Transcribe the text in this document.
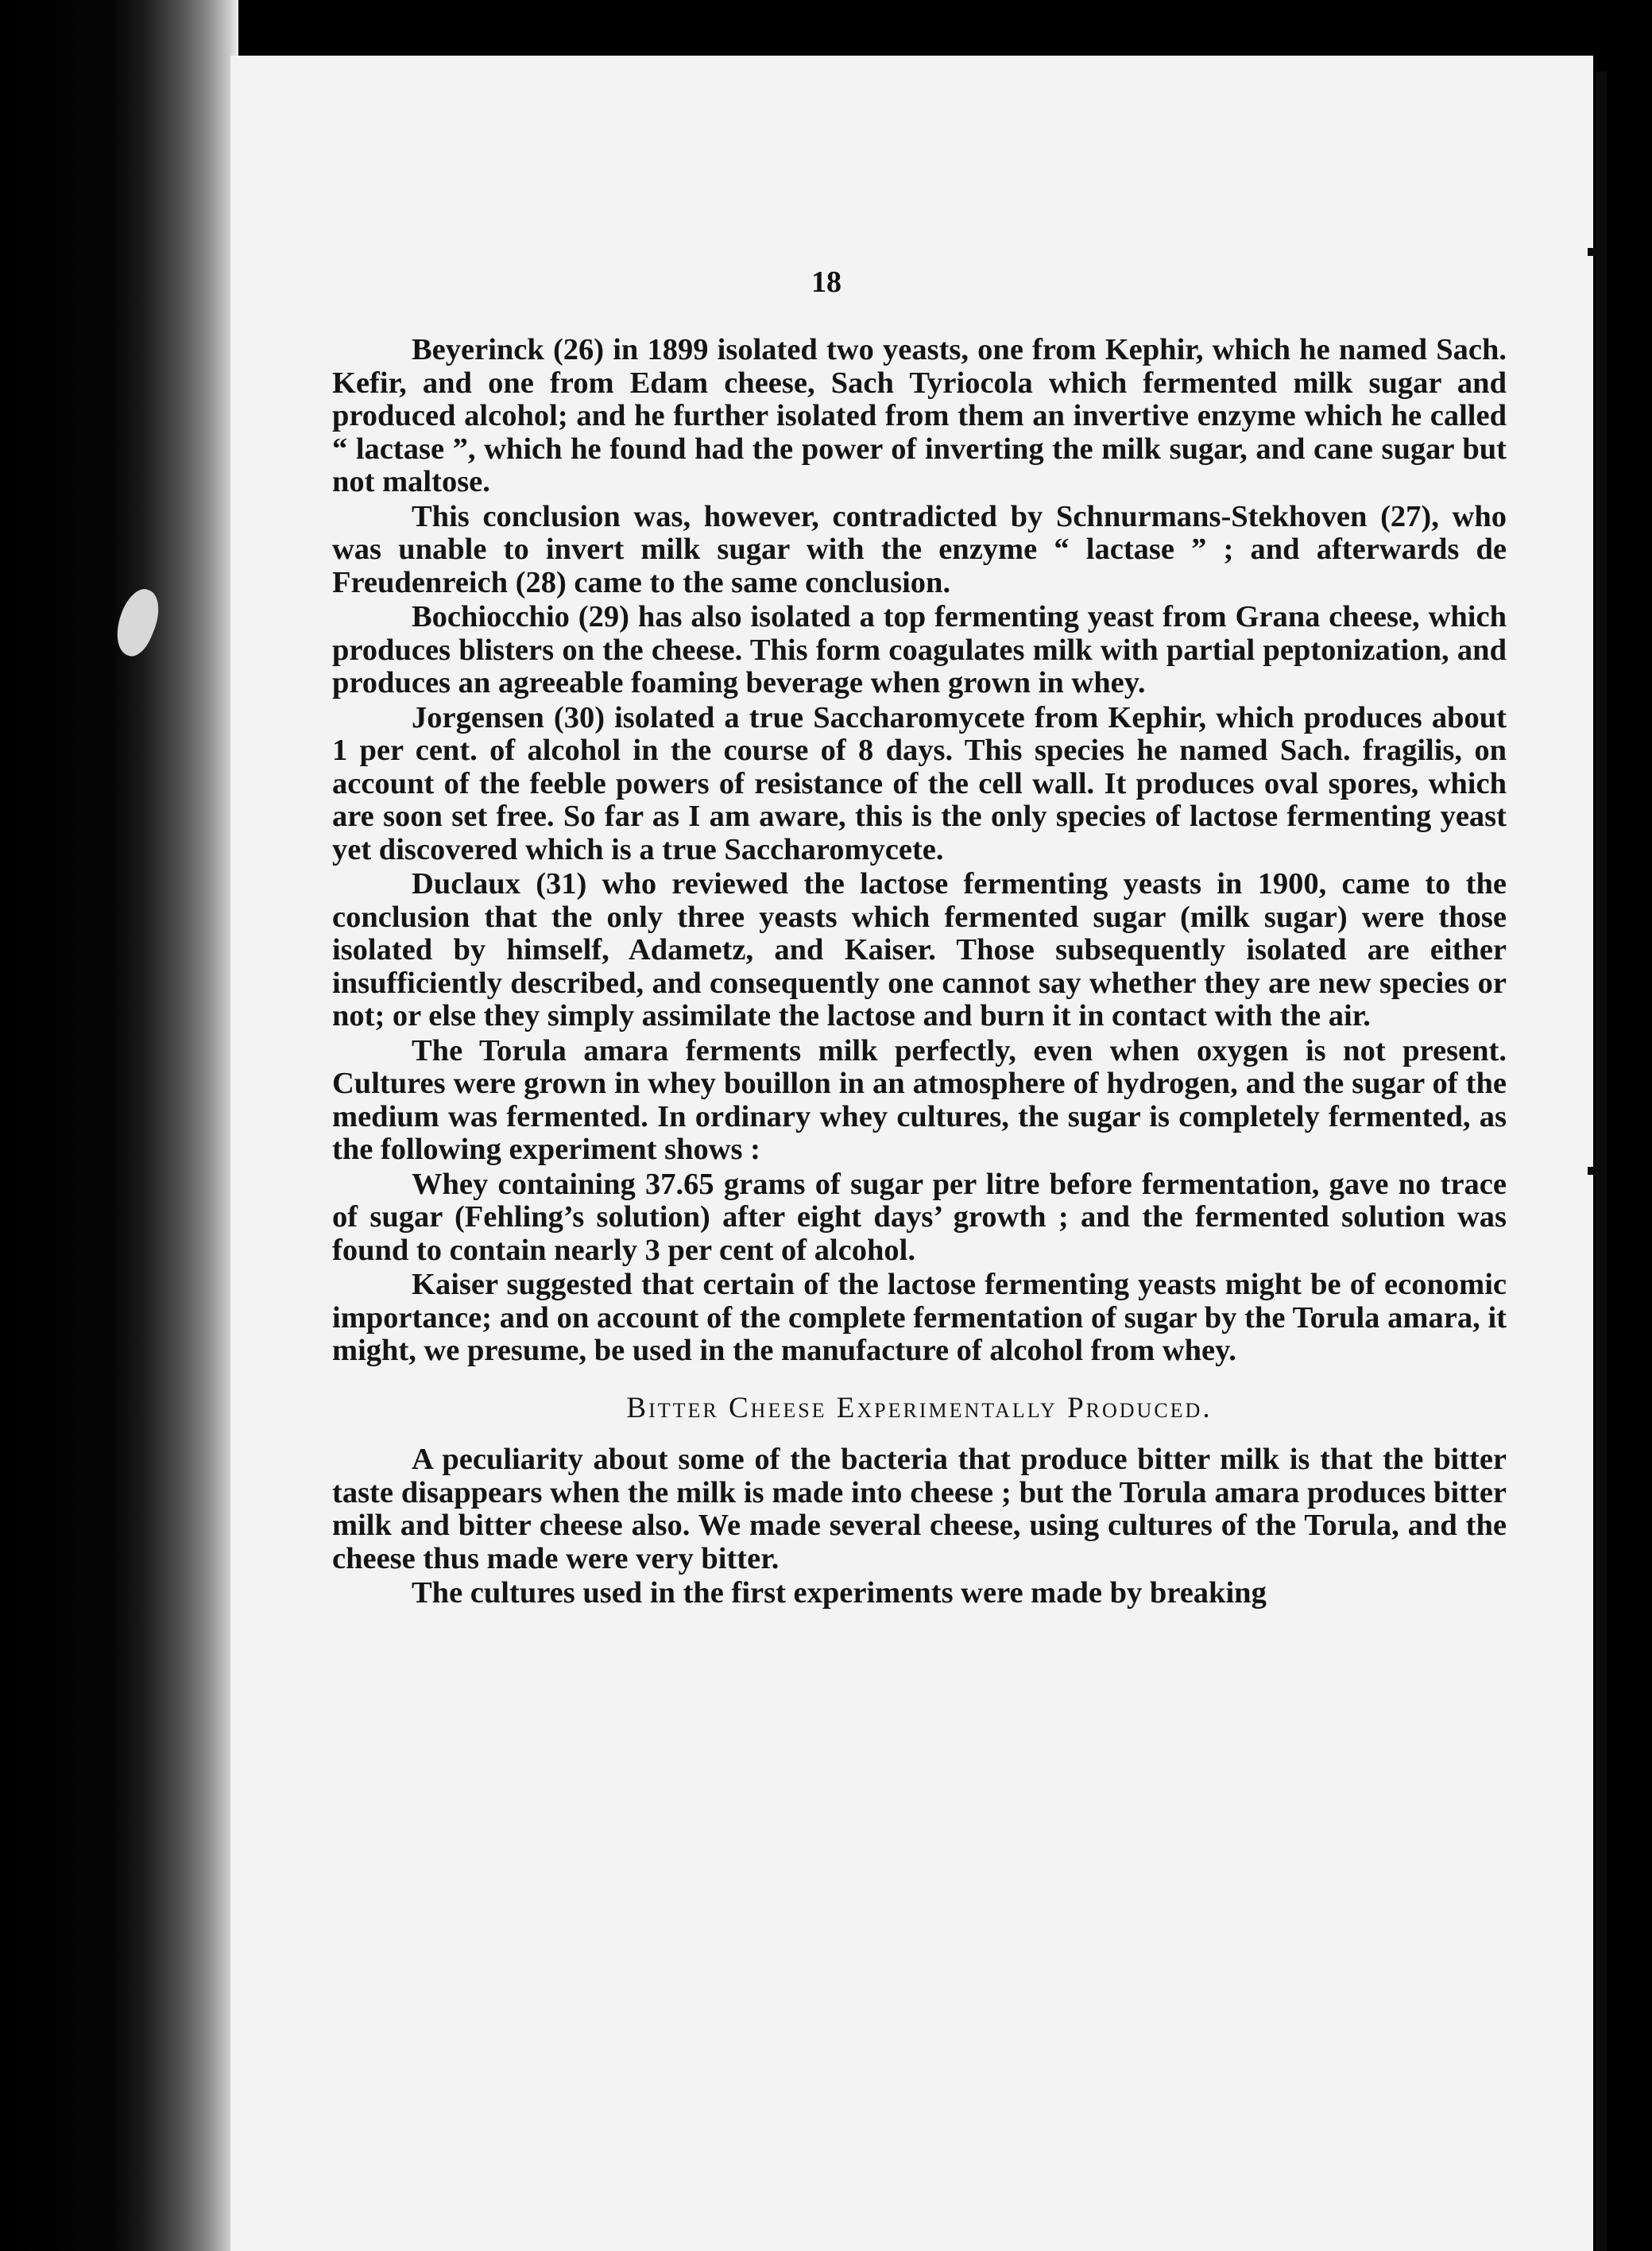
18

Beyerinck (26) in 1899 isolated two yeasts, one from Kephir, which he named Sach. Kefir, and one from Edam cheese, Sach Tyriocola which fermented milk sugar and produced alcohol; and he further isolated from them an invertive enzyme which he called “ lactase ”, which he found had the power of inverting the milk sugar, and cane sugar but not maltose.

This conclusion was, however, contradicted by Schnurmans-Stekhoven (27), who was unable to invert milk sugar with the enzyme “ lactase ” ; and afterwards de Freudenreich (28) came to the same conclusion.

Bochiocchio (29) has also isolated a top fermenting yeast from Grana cheese, which produces blisters on the cheese. This form coagulates milk with partial peptonization, and produces an agreeable foaming beverage when grown in whey.

Jorgensen (30) isolated a true Saccharomycete from Kephir, which produces about 1 per cent. of alcohol in the course of 8 days. This species he named Sach. fragilis, on account of the feeble powers of resistance of the cell wall. It produces oval spores, which are soon set free. So far as I am aware, this is the only species of lactose fermenting yeast yet discovered which is a true Saccharomycete.

Duclaux (31) who reviewed the lactose fermenting yeasts in 1900, came to the conclusion that the only three yeasts which fermented sugar (milk sugar) were those isolated by himself, Adametz, and Kaiser. Those subsequently isolated are either insufficiently described, and consequently one cannot say whether they are new species or not; or else they simply assimilate the lactose and burn it in contact with the air.

The Torula amara ferments milk perfectly, even when oxygen is not present. Cultures were grown in whey bouillon in an atmosphere of hydrogen, and the sugar of the medium was fermented. In ordinary whey cultures, the sugar is completely fermented, as the following experiment shows :

Whey containing 37.65 grams of sugar per litre before fermentation, gave no trace of sugar (Fehling’s solution) after eight days’ growth ; and the fermented solution was found to contain nearly 3 per cent of alcohol.

Kaiser suggested that certain of the lactose fermenting yeasts might be of economic importance; and on account of the complete fermentation of sugar by the Torula amara, it might, we presume, be used in the manufacture of alcohol from whey.

Bitter Cheese Experimentally Produced.

A peculiarity about some of the bacteria that produce bitter milk is that the bitter taste disappears when the milk is made into cheese ; but the Torula amara produces bitter milk and bitter cheese also. We made several cheese, using cultures of the Torula, and the cheese thus made were very bitter.

The cultures used in the first experiments were made by breaking
